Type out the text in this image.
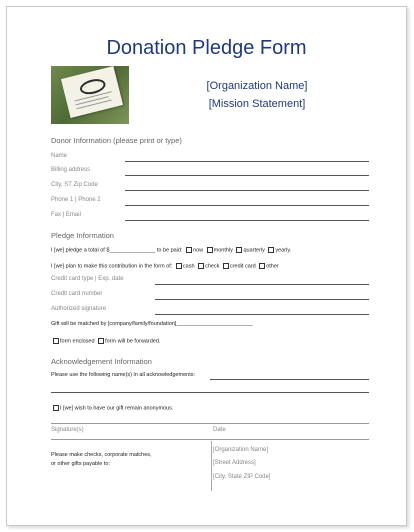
Donation Pledge Form
[Organization Name]
[Mission Statement]
Donor Information (please print or type)
Name
Billing address
City, ST Zip Code
Phone 1 | Phone 2
Fax | Email
Pledge Information
I [we] pledge a total of $_______________ to be paid: now monthly quarterly yearly.
I [we] plan to make this contribution in the form of: cash check credit card other
Credit card type | Exp. date
Credit card number
Authorized signature
Gift will be matched by [company/family/foundation]_________________________
form enclosed form will be forwarded.
Acknowledgement Information
Please use the following name(s) in all acknowledgements:
I [we] wish to have our gift remain anonymous.
Signature(s)	Date
Please make checks, corporate matches,
or other gifts payable to:
[Organization Name]
[Street Address]
[City, State ZIP Code]
